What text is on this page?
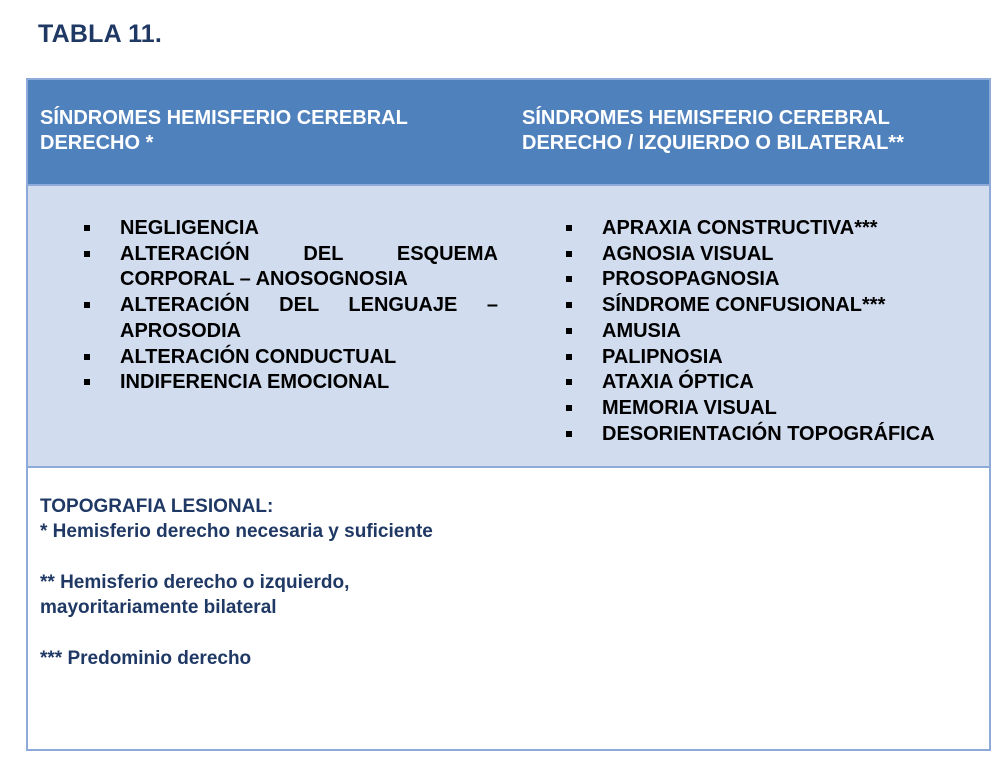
TABLA 11.
SÍNDROMES HEMISFERIO CEREBRAL DERECHO *
SÍNDROMES HEMISFERIO CEREBRAL DERECHO / IZQUIERDO O BILATERAL**
NEGLIGENCIA
ALTERACIÓN DEL ESQUEMA CORPORAL – ANOSOGNOSIA
ALTERACIÓN DEL LENGUAJE – APROSODIA
ALTERACIÓN CONDUCTUAL
INDIFERENCIA EMOCIONAL
APRAXIA CONSTRUCTIVA***
AGNOSIA VISUAL
PROSOPAGNOSIA
SÍNDROME CONFUSIONAL***
AMUSIA
PALIPNOSIA
ATAXIA ÓPTICA
MEMORIA VISUAL
DESORIENTACIÓN TOPOGRÁFICA

TOPOGRAFIA LESIONAL:

* Hemisferio derecho necesaria y suficiente

** Hemisferio derecho o izquierdo, mayoritariamente bilateral

*** Predominio derecho
